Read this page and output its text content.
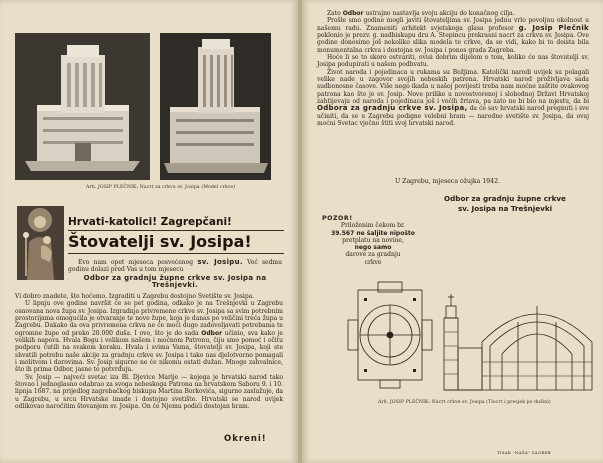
Arh. JOSIP PLEČNIK: Nacrt za crkvu sv. Josipa (Model crkve)
Hrvati-katolici! Zagrepčani!
Štovatelji sv. Josipa!

Evo nam opet mjeseca posvećenog sv. Josipu. Već sedmu godinu dolazi pred Vas u tom mjesecu

Odbor za gradnju župne crkve sv. Josipa na Trešnjevki.

Vi dobro znadete, što hoćemo. Izgraditi u Zagrebu dostojno Svetište sv. Josipa.

U lipnju ove godine navršit će se pet godina, odkako je na Trešnjevki u Zagrebu osnovana nova župa sv. Josipa. Izgradnja privremene crkve sv. Josipa sa svim potrebnim prostorijama omogućila je otvaranje te nove župe, koja je danas po veličini treća župa u Zagrebu. Dakako da ova privremena crkva ne će moći dugo zadovoljavati potrebama te ogromne župe od preko 20.000 duša. I ovo, što je do sada Odbor učinio, sva kako je velikih napora. Hvala Bogu i velikom našem i moćnom Patronu, čiju smo pomoć i očitu podporu ćutili na svakom koraku. Hvala i svima Vama, štovatelji sv. Josipa, koji ste shvatili potrebu naše akcije za gradnju crkve sv. Josipa i tako nas djelotvorno pomagali i molitvom i darovima. Sv. Josip sigurno ne će nikomu ostati dužan. Mnoge zahvalnice, što ih prima Odbor, jasno to potvrđuju.

Sv. Josip — najveći svetac iza Bl. Djevice Marije — kojega je hrvatski narod tako štovao i jednoglasno odabrao za svoga nebeskoga Patrona na hrvatskom Saboru 9. i 10. lipnja 1687. na prijedlog zagrebačkog biskupa Martina Borkovića, sigurno zaslužuje, da u Zagrebu, u srcu Hrvatske imade i dostojno svetište. Hrvatski se narod uvijek odlikovao naročitim štovanjem sv. Josipa. On će Njemu podići dostojan hram.

Okreni!

Zato Odbor ustrajno nastavlja svoju akciju do konačnog cilja.

Prošle smo godine mogli javiti štovateljima sv. Josipa jednu vrlo povoljnu okolnost u našemu radu. Znameniti arhitekt svjetskoga glasa profesor g. Josip Plečnik poklonio je prezv. g. nadbiskupu dru A. Stepincu prekrasni nacrt za crkvu sv. Josipa. Ove godine donosimo još nekoliko slika modela te crkve, da se vidi, kako bi to doista bila monumentalna crkva i dostojna sv. Josipa i ponos grada Zagreba.

Hoće li se to skoro ostvariti, ovisi dobrim dijelom o tom, koliko će nas štovatelji sv. Josipa podupirati u našem podhvatu.

Život naroda i pojedinaca u rukama su Božjima. Katolički narodi uvijek su polagali velike nade u zagovor svojih nebeskih patrona. Hrvatski narod proživljava sada sudbonosne časove. Više nego ikada u našoj povijesti treba nam moćne zaštite ovakovog patrona kao što je sv. Josip. Nove prilike u novostvorenoj i slobodnoj Državi Hrvatskoj zahtijevaju od naroda i pojedinaca još i većih žrtava, pa zato ne bi bio na mjestu, da bi Odbora za gradnju crkve sv. Josipa, da će sav hrvatski narod pregnuti i sve učiniti, da se u Zagrebu podigne velebni hram — narodno svetište sv. Josipa, da ovaj moćni Svetac vječno štiti svoj hrvatski narod.

U Zagrebu, mjeseca ožujka 1942.
Odbor za gradnju župne crkve
sv. Josipa na Trešnjevki
POZOR!
Priloženim čekom br.
39.567 ne šaljite nipošto
pretplatu na novine,
nego samo
darove za gradnju
crkve
Arh. JOSIP PLEČNIK: Nacrt crkve sv. Josipa (Tlocrt i presjek po dužini)
TISAK "NAŠA" ZAGREB
